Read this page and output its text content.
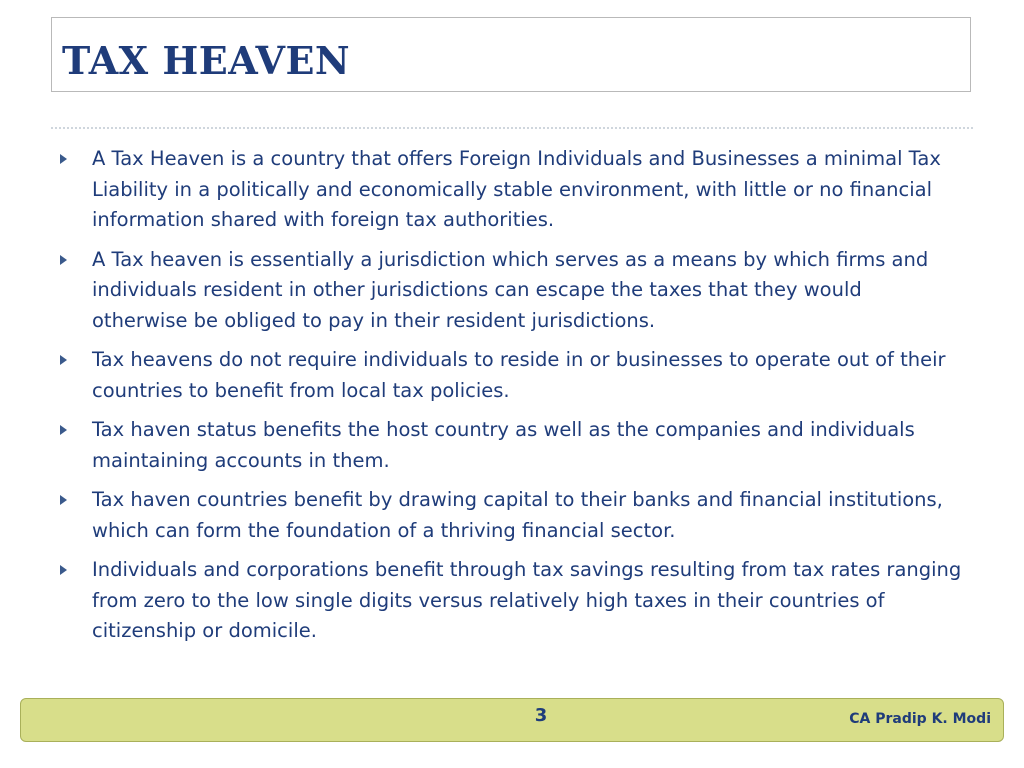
TAX HEAVEN
A Tax Heaven is a country that offers Foreign Individuals and Businesses a minimal Tax Liability in a politically and economically stable environment, with little or no financial information shared with foreign tax authorities.
A Tax heaven is essentially a jurisdiction which serves as a means by which firms and individuals resident in other jurisdictions can escape the taxes that they would otherwise be obliged to pay in their resident jurisdictions.
Tax heavens do not require individuals to reside in or businesses to operate out of their countries to benefit from local tax policies.
Tax haven status benefits the host country as well as the companies and individuals maintaining accounts in them.
Tax haven countries benefit by drawing capital to their banks and financial institutions, which can form the foundation of a thriving financial sector.
Individuals and corporations benefit through tax savings resulting from tax rates ranging from zero to the low single digits versus relatively high taxes in their countries of citizenship or domicile.
3	CA Pradip K. Modi
